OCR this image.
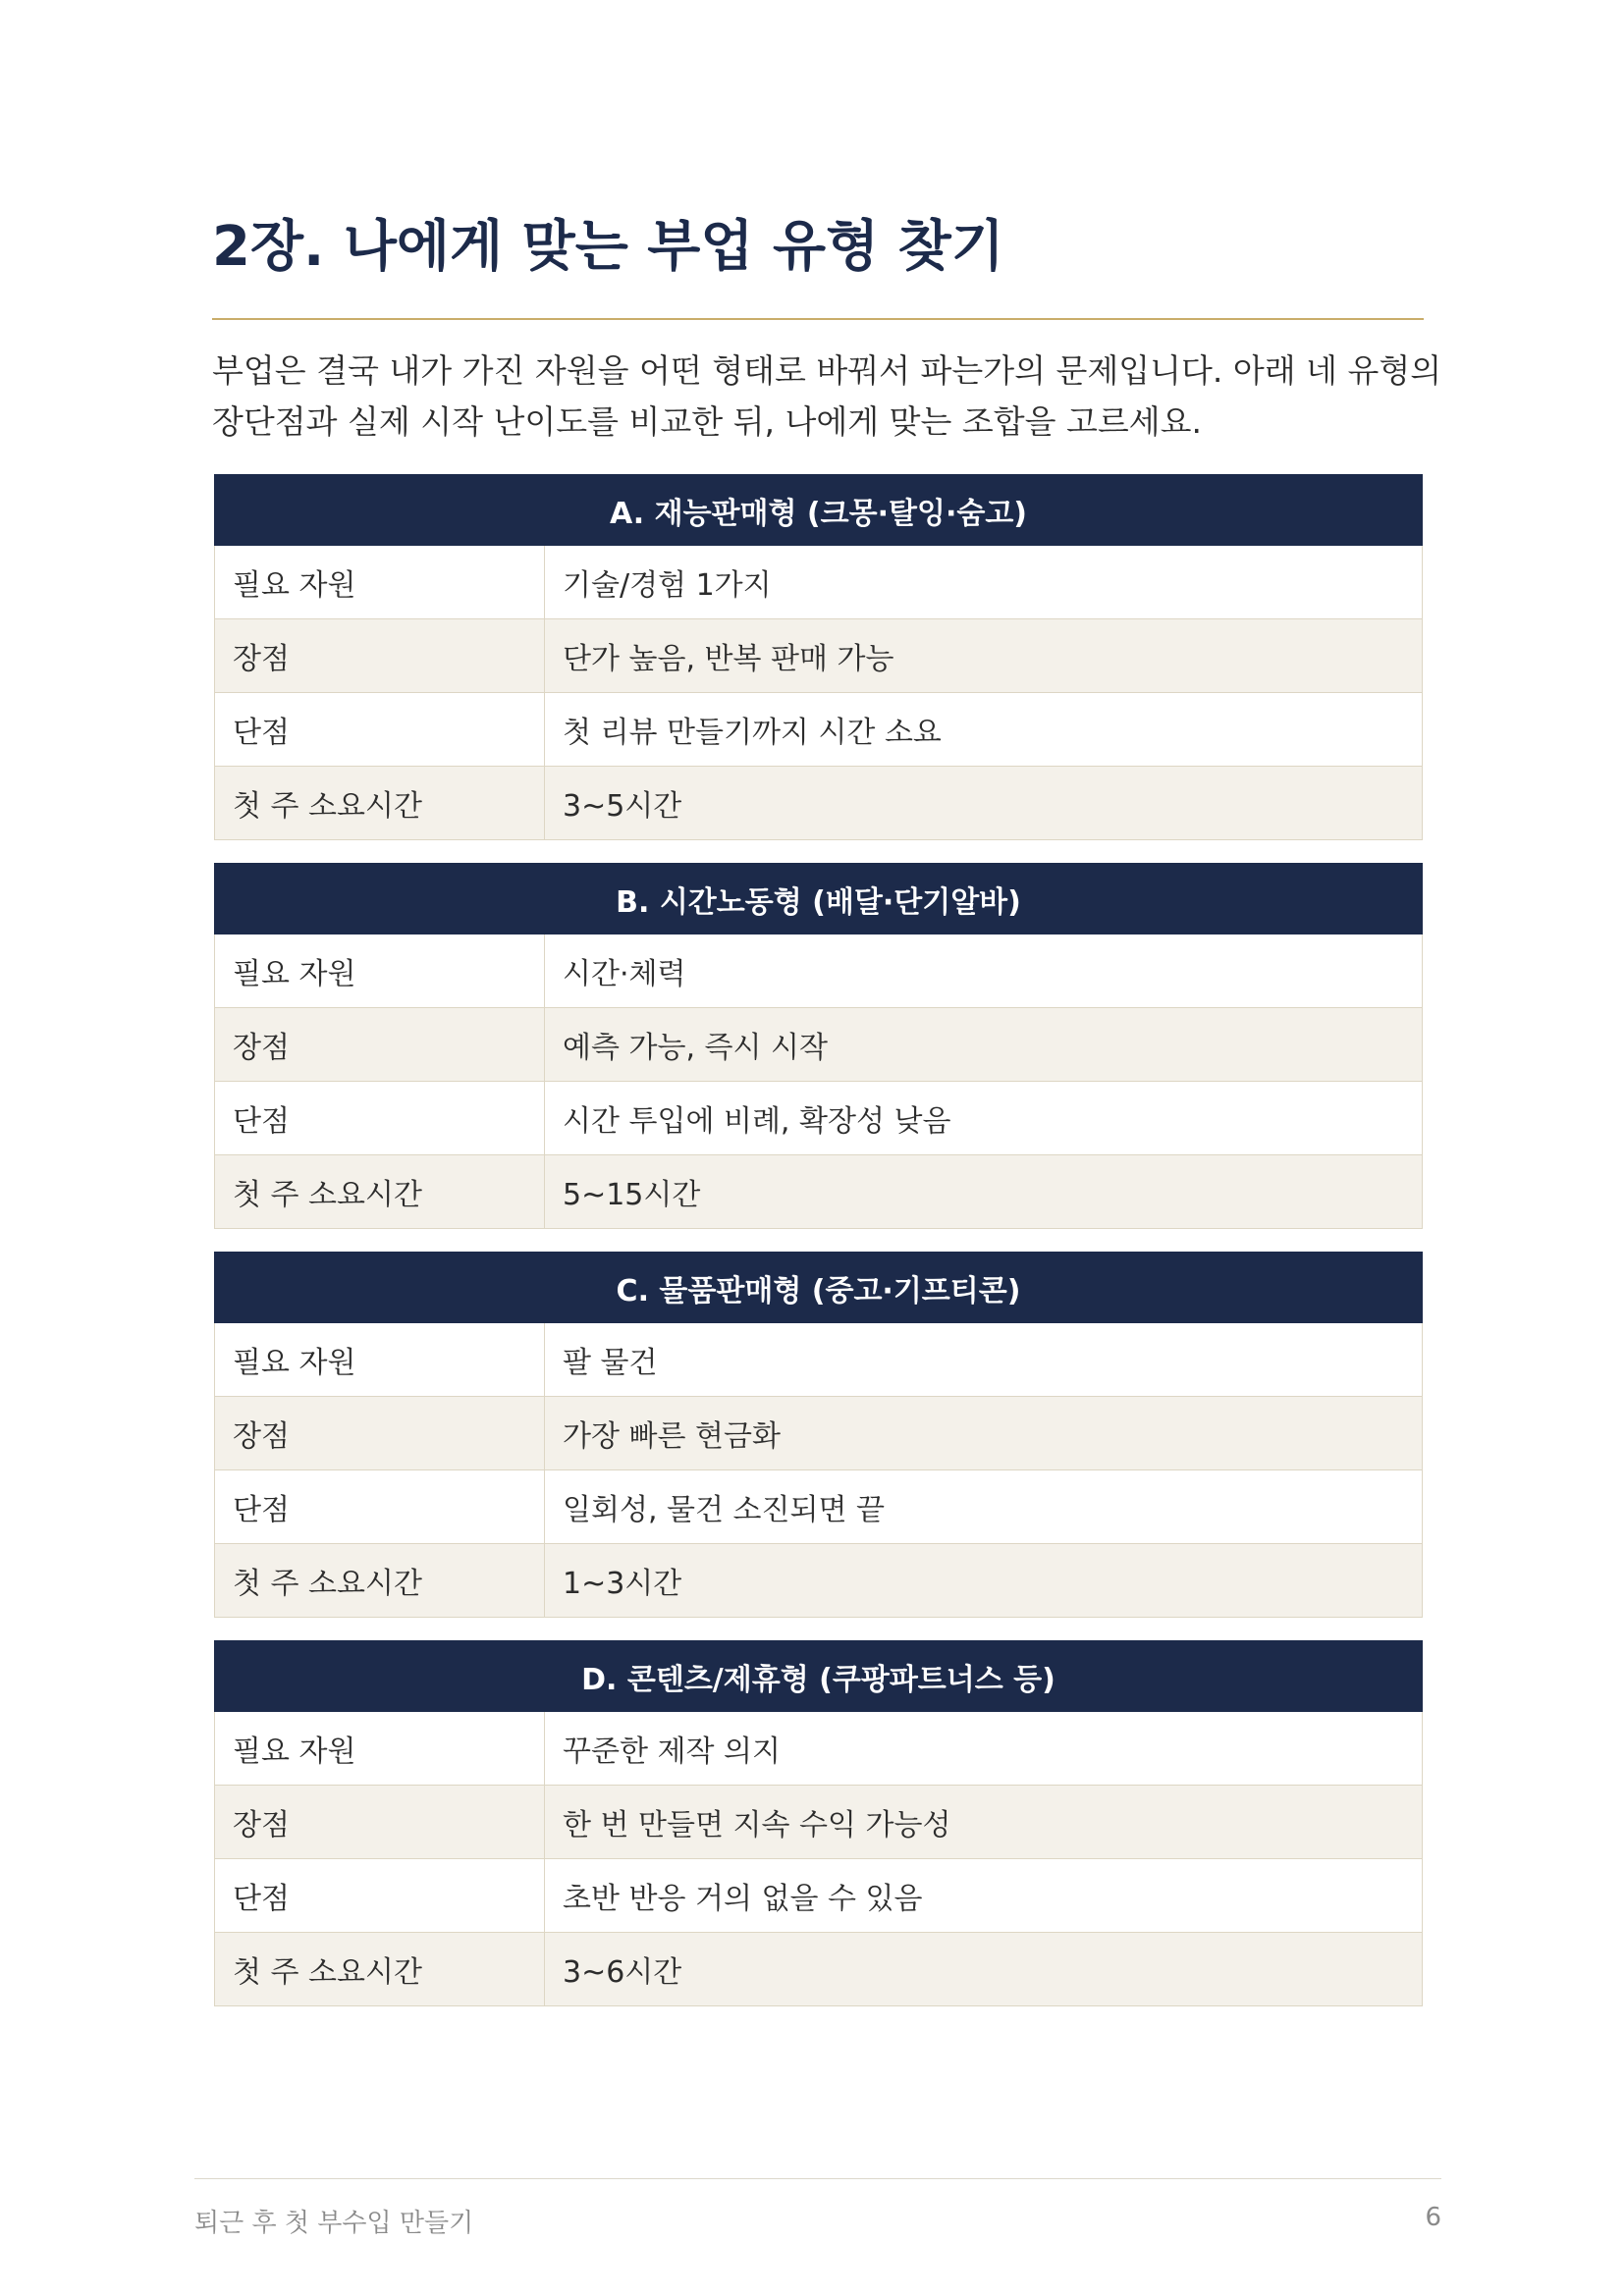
2장. 나에게 맞는 부업 유형 찾기

부업은 결국 내가 가진 자원을 어떤 형태로 바꿔서 파는가의 문제입니다. 아래 네 유형의
장단점과 실제 시작 난이도를 비교한 뒤, 나에게 맞는 조합을 고르세요.

A. 재능판매형 (크몽·탈잉·숨고)	
필요 자원	기술/경험 1가지
장점	단가 높음, 반복 판매 가능
단점	첫 리뷰 만들기까지 시간 소요
첫 주 소요시간	3~5시간
B. 시간노동형 (배달·단기알바)	
필요 자원	시간·체력
장점	예측 가능, 즉시 시작
단점	시간 투입에 비례, 확장성 낮음
첫 주 소요시간	5~15시간
C. 물품판매형 (중고·기프티콘)	
필요 자원	팔 물건
장점	가장 빠른 현금화
단점	일회성, 물건 소진되면 끝
첫 주 소요시간	1~3시간
D. 콘텐츠/제휴형 (쿠팡파트너스 등)	
필요 자원	꾸준한 제작 의지
장점	한 번 만들면 지속 수익 가능성
단점	초반 반응 거의 없을 수 있음
첫 주 소요시간	3~6시간
퇴근 후 첫 부수입 만들기	6
